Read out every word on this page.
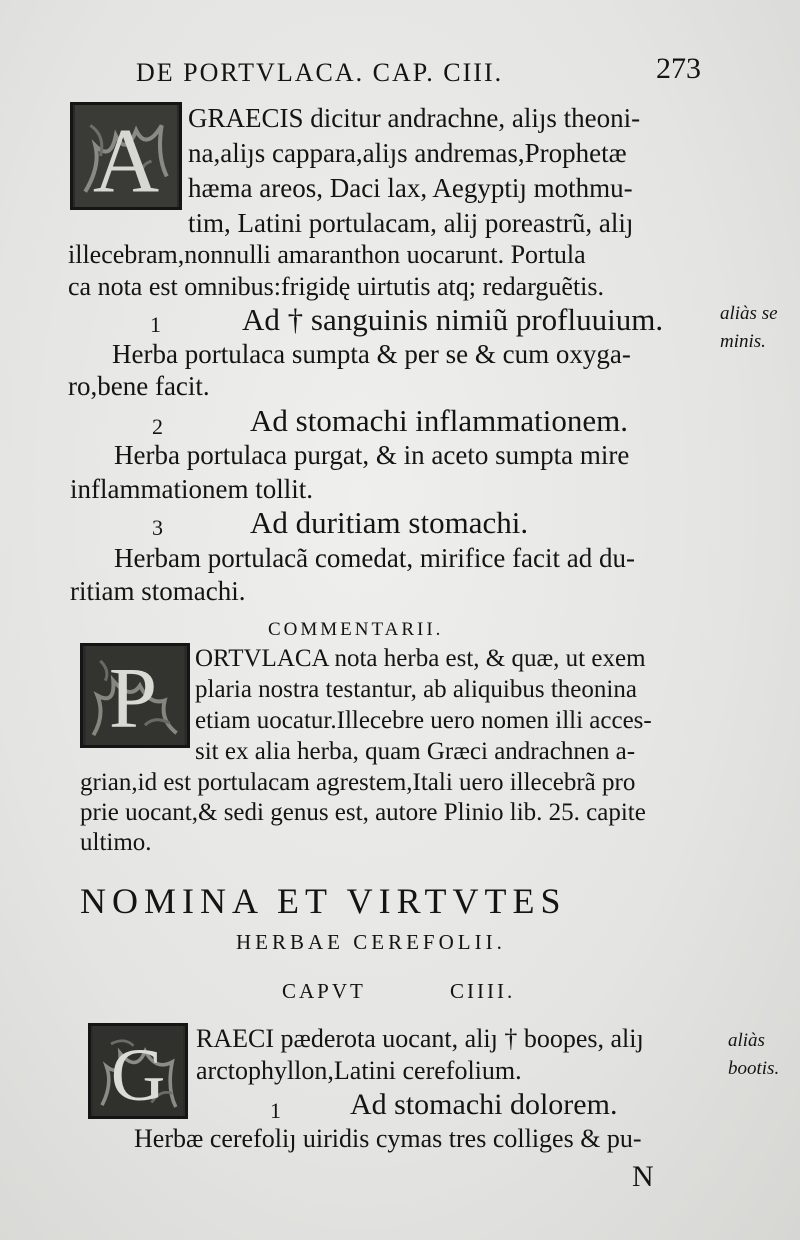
DE PORTVLACA. CAP. CIII.	273
A GRAECIS dicitur andrachne, aliȷs theoni-
na,aliȷs cappara,aliȷs andremas,Prophetæ
hæma areos, Daci lax, Aegyptiȷ mothmu-
tim, Latini portulacam, alij poreastrũ, aliȷ
illecebram,nonnulli amaranthon uocarunt. Portula
ca nota est omnibus:frigidę uirtutis atq; redarguẽtis.
1	Ad † sanguinis nimiũ profluuium.
Herba portulaca sumpta & per se & cum oxyga-
ro,bene facit.
aliàs se
minis.
2	Ad stomachi inflammationem.
Herba portulaca purgat, & in aceto sumpta mire
inflammationem tollit.
3	Ad duritiam stomachi.
Herbam portulacã comedat, mirifice facit ad du-
ritiam stomachi.
COMMENTARII.
P ORTVLACA nota herba est, & quæ, ut exem
plaria nostra testantur, ab aliquibus theonina
etiam uocatur.Illecebre uero nomen illi acces-
sit ex alia herba, quam Græci andrachnen a-
grian,id est portulacam agrestem,Itali uero illecebrã pro
prie uocant,& sedi genus est, autore Plinio lib. 25. capite
ultimo.
NOMINA ET VIRTVTES
HERBAE CEREFOLII.
CAPVT	CIIII.
G RAECI pæderota uocant, aliȷ † boopes, aliȷ
arctophyllon,Latini cerefolium.
aliàs
bootis.
1 Ad stomachi dolorem.
Herbæ cerefoliȷ uiridis cymas tres colliges & pu-
N
